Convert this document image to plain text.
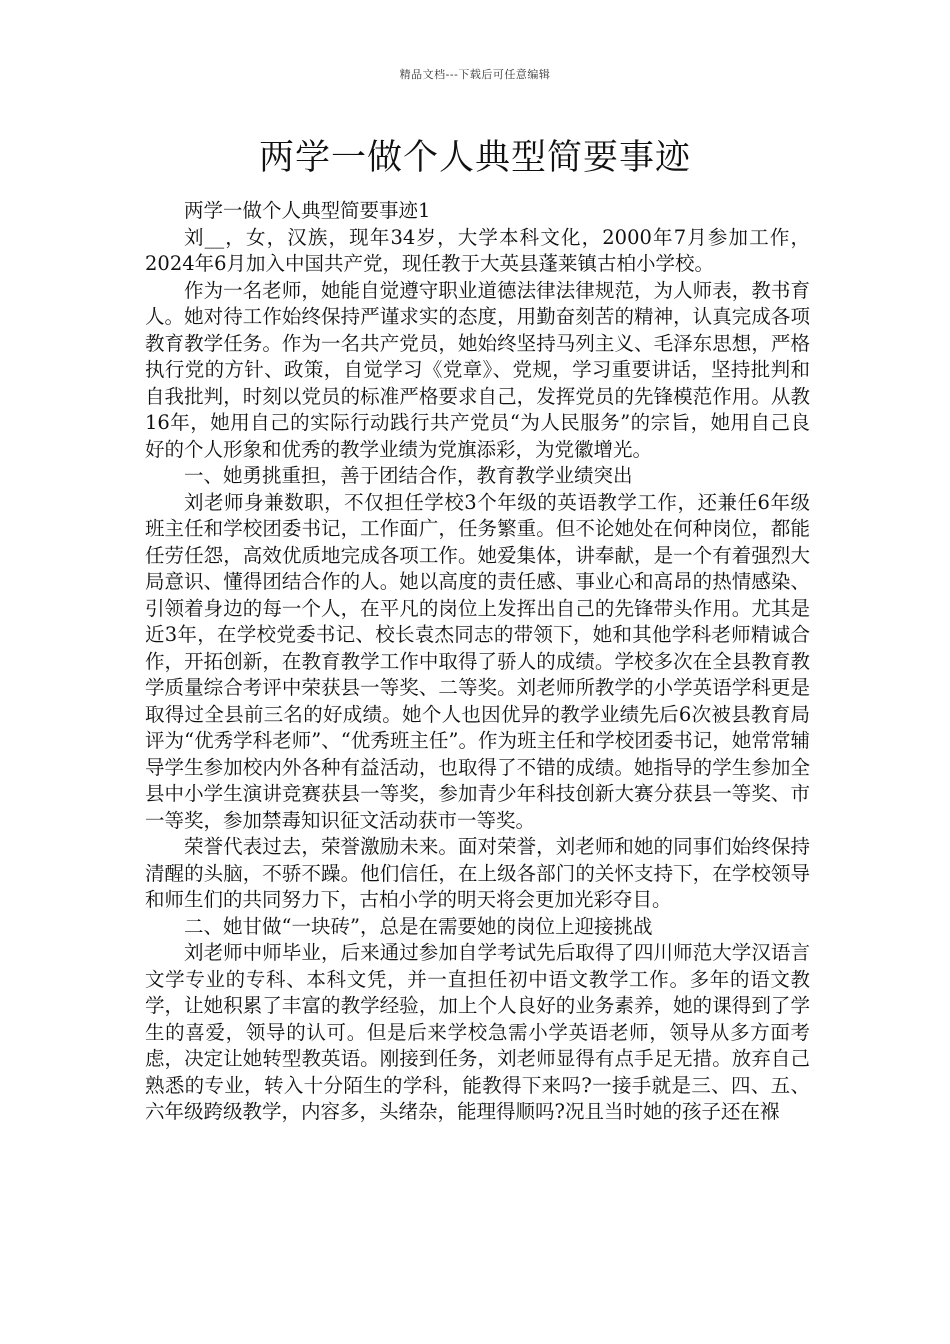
精品文档---下载后可任意编辑
两学一做个人典型简要事迹

两学一做个人典型简要事迹1

刘__，女，汉族，现年34岁，大学本科文化，2000年7月参加工作，2024年6月加入中国共产党，现任教于大英县蓬莱镇古柏小学校。

作为一名老师，她能自觉遵守职业道德法律法律规范，为人师表，教书育人。她对待工作始终保持严谨求实的态度，用勤奋刻苦的精神，认真完成各项教育教学任务。作为一名共产党员，她始终坚持马列主义、毛泽东思想，严格执行党的方针、政策，自觉学习《党章》、党规，学习重要讲话，坚持批判和自我批判，时刻以党员的标准严格要求自己，发挥党员的先锋模范作用。从教16年，她用自己的实际行动践行共产党员“为人民服务”的宗旨，她用自己良好的个人形象和优秀的教学业绩为党旗添彩，为党徽增光。

一、她勇挑重担，善于团结合作，教育教学业绩突出

刘老师身兼数职，不仅担任学校3个年级的英语教学工作，还兼任6年级班主任和学校团委书记，工作面广，任务繁重。但不论她处在何种岗位，都能任劳任怨，高效优质地完成各项工作。她爱集体，讲奉献，是一个有着强烈大局意识、懂得团结合作的人。她以高度的责任感、事业心和高昂的热情感染、引领着身边的每一个人，在平凡的岗位上发挥出自己的先锋带头作用。尤其是近3年，在学校党委书记、校长袁杰同志的带领下，她和其他学科老师精诚合作，开拓创新，在教育教学工作中取得了骄人的成绩。学校多次在全县教育教学质量综合考评中荣获县一等奖、二等奖。刘老师所教学的小学英语学科更是取得过全县前三名的好成绩。她个人也因优异的教学业绩先后6次被县教育局评为“优秀学科老师”、“优秀班主任”。作为班主任和学校团委书记，她常常辅导学生参加校内外各种有益活动，也取得了不错的成绩。她指导的学生参加全县中小学生演讲竞赛获县一等奖，参加青少年科技创新大赛分获县一等奖、市一等奖，参加禁毒知识征文活动获市一等奖。

荣誉代表过去，荣誉激励未来。面对荣誉，刘老师和她的同事们始终保持清醒的头脑，不骄不躁。他们信任，在上级各部门的关怀支持下，在学校领导和师生们的共同努力下，古柏小学的明天将会更加光彩夺目。

二、她甘做“一块砖”，总是在需要她的岗位上迎接挑战

刘老师中师毕业，后来通过参加自学考试先后取得了四川师范大学汉语言文学专业的专科、本科文凭，并一直担任初中语文教学工作。多年的语文教学，让她积累了丰富的教学经验，加上个人良好的业务素养，她的课得到了学生的喜爱，领导的认可。但是后来学校急需小学英语老师，领导从多方面考虑，决定让她转型教英语。刚接到任务，刘老师显得有点手足无措。放弃自己熟悉的专业，转入十分陌生的学科，能教得下来吗?一接手就是三、四、五、六年级跨级教学，内容多，头绪杂，能理得顺吗?况且当时她的孩子还在褓
